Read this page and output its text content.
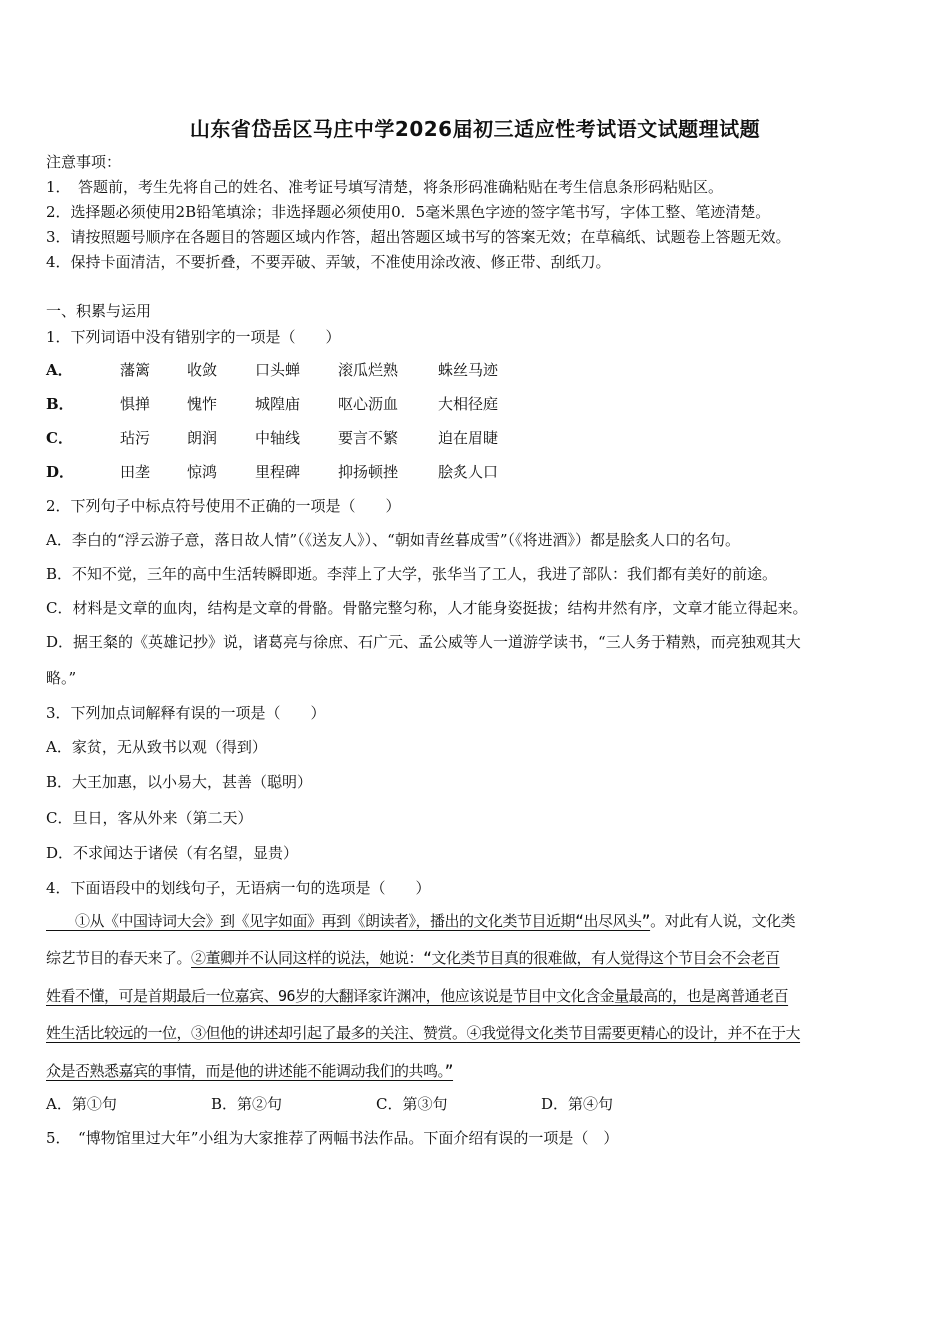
山东省岱岳区马庄中学2026届初三适应性考试语文试题理试题
注意事项：
1．　答题前，考生先将自己的姓名、准考证号填写清楚，将条形码准确粘贴在考生信息条形码粘贴区。
2．选择题必须使用2B铅笔填涂；非选择题必须使用0．5毫米黑色字迹的签字笔书写，字体工整、笔迹清楚。
3．请按照题号顺序在各题目的答题区域内作答，超出答题区域书写的答案无效；在草稿纸、试题卷上答题无效。
4．保持卡面清洁，不要折叠，不要弄破、弄皱，不准使用涂改液、修正带、刮纸刀。
一、积累与运用
1．下列词语中没有错别字的一项是（　　）
A．	藩篱 收敛	口头蝉	滚瓜烂熟	蛛丝马迹
B．	惧掸 愧怍	城隍庙	呕心沥血	大相径庭
C．	玷污 朗润	中轴线	要言不繁	迫在眉睫
D．	田垄 惊鸿	里程碑	抑扬顿挫	脍炙人口
2．下列句子中标点符号使用不正确的一项是（　　）
A．李白的“浮云游子意，落日故人情”（《送友人》）、“朝如青丝暮成雪”（《将进酒》）都是脍炙人口的名句。
B．不知不觉，三年的高中生活转瞬即逝。李萍上了大学，张华当了工人，我进了部队：我们都有美好的前途。
C．材料是文章的血肉，结构是文章的骨骼。骨骼完整匀称，人才能身姿挺拔；结构井然有序，文章才能立得起来。
D．据王粲的《英雄记抄》说，诸葛亮与徐庶、石广元、孟公威等人一道游学读书，“三人务于精熟，而亮独观其大
略。”
3．下列加点词解释有误的一项是（　　）
A．家贫，无从致书以观（得到）
B．大王加惠，以小易大，甚善（聪明）
C．旦日，客从外来（第二天）
D．不求闻达于诸侯（有名望，显贵）
4．下面语段中的划线句子，无语病一句的选项是（　　）
　　①从《中国诗词大会》到《见字如面》再到《朗读者》，播出的文化类节目近期“出尽风头”。对此有人说，文化类
综艺节目的春天来了。②董卿并不认同这样的说法，她说：“文化类节目真的很难做，有人觉得这个节目会不会老百
姓看不懂，可是首期最后一位嘉宾、96岁的大翻译家许渊冲，他应该说是节目中文化含金量最高的，也是离普通老百
姓生活比较远的一位，③但他的讲述却引起了最多的关注、赞赏。④我觉得文化类节目需要更精心的设计，并不在于大
众是否熟悉嘉宾的事情，而是他的讲述能不能调动我们的共鸣。”
A．第①句	B．第②句	C．第③句	D．第④句
5．　“博物馆里过大年”小组为大家推荐了两幅书法作品。下面介绍有误的一项是（　）
